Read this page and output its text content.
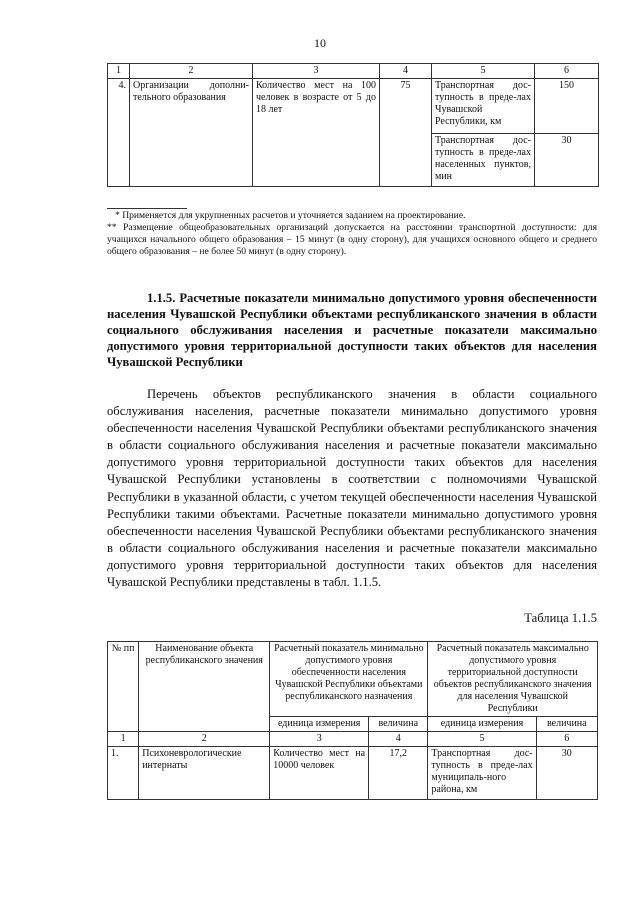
10
1	2	3	4	5	6
4.	Организации дополни-тельного образования	Количество мест на 100 человек в возрасте от 5 до 18 лет	75	Транспортная дос-тупность в преде-лах Чувашской Республики, км	150
				Транспортная дос-тупность в преде-лах населенных пунктов, мин	30

* Применяется для укрупненных расчетов и уточняется заданием на проектирование.
** Размещение общеобразовательных организаций допускается на расстоянии транспортной доступности: для учащихся начального общего образования – 15 минут (в одну сторону), для учащихся основного общего и среднего общего образования – не более 50 минут (в одну сторону).
1.1.5. Расчетные показатели минимально допустимого уровня обеспеченности населения Чувашской Республики объектами республиканского значения в области социального обслуживания населения и расчетные показатели максимально допустимого уровня территориальной доступности таких объектов для населения Чувашской Республики
Перечень объектов республиканского значения в области социального обслуживания населения, расчетные показатели минимально допустимого уровня обеспеченности населения Чувашской Республики объектами республиканского значения в области социального обслуживания населения и расчетные показатели максимально допустимого уровня территориальной доступности таких объектов для населения Чувашской Республики установлены в соответствии с полномочиями Чувашской Республики в указанной области, с учетом текущей обеспеченности населения Чувашской Республики такими объектами. Расчетные показатели минимально допустимого уровня обеспеченности населения Чувашской Республики объектами республиканского значения в области социального обслуживания населения и расчетные показатели максимально допустимого уровня территориальной доступности таких объектов для населения Чувашской Республики представлены в табл. 1.1.5.
Таблица 1.1.5
№ пп	Наименование объекта республиканского значения	Расчетный показатель минимально допустимого уровня обеспеченности населения Чувашской Республики объектами республиканского назначения		Расчетный показатель максимально допустимого уровня территориальной доступности объектов республиканского значения для населения Чувашской Республики	
		единица измерения	величина	единица измерения	величина
1	2	3	4	5	6
1.	Психоневрологические интернаты	Количество мест на 10000 человек	17,2	Транспортная дос-тупность в преде-лах муниципаль-ного района, км	30
